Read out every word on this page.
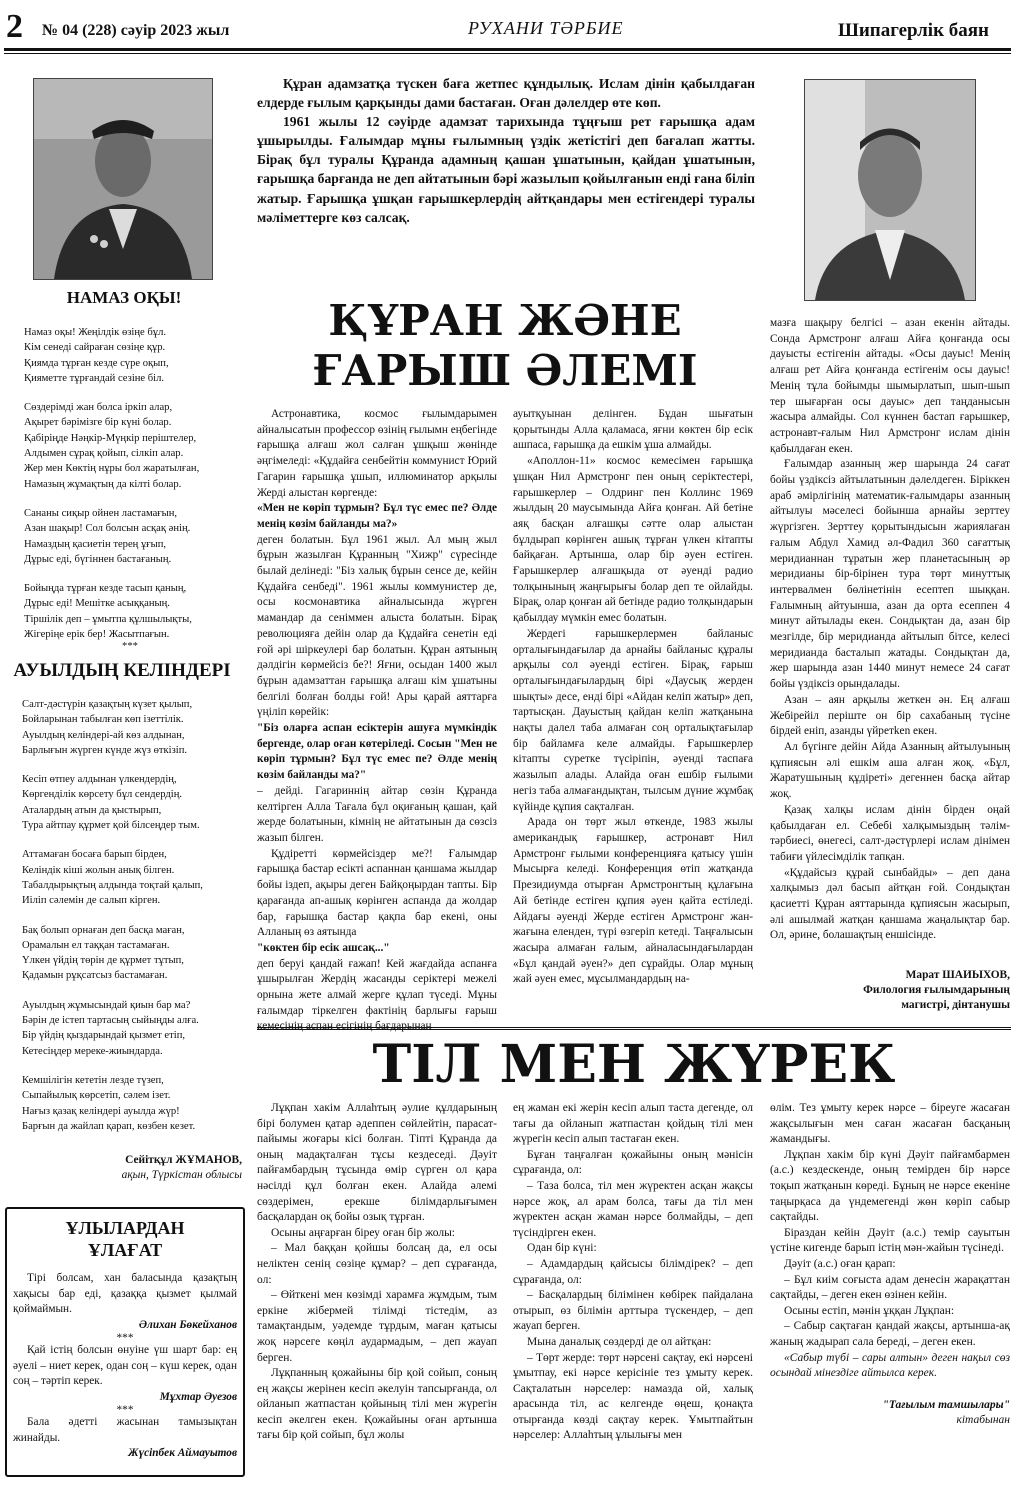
2 № 04 (228) сәуір 2023 жыл	РУХАНИ ТӘРБИЕ	Шипагерлік баян
НАМАЗ ОҚЫ!
Намаз оқы! Жеңілдік өзіңе бұл.
Кім сенеді сайраған сөзіңе құр.
Қиямда тұрған кезде сүре оқып,
Қияметте тұрғандай сезіне біл.
Сөздерімді жан болса іркіп алар,
Ақырет бәрімізге бір күні болар.
Қабіріңде Нәңкір-Мүңкір періштелер,
Алдымен сұрақ қойып, сілкіп алар.
Жер мен Көктің нұры бол жаратылған,
Намазың жұмақтың да кілті болар.
Сананы сиқыр ойнен ластамағын,
Азан шақыр! Сол болсын асқақ әнің.
Намаздың қасиетін терең ұғып,
Дұрыс еді, бүгіннен бастағаның.
Бойыңда тұрған кезде тасып қаның,
Дұрыс еді! Мешітке асыққаның.
Тіршілік деп – ұмытпа құлшылықты,
Жігеріңе ерік бер! Жасытпағын.
***
АУЫЛДЫҢ КЕЛІНДЕРІ
Салт-дәстүрін қазақтың күзет қылып,
Бойларынан табылған көп ізеттілік.
Ауылдың келіндері-ай көз алдынан,
Барлығын жүрген күнде жүз өткізіп.
Кесіп өтпеу алдынан үлкендердің,
Көргенділік көрсету бұл сендердің.
Аталардың атын да қыстырып,
Тура айтпау құрмет қой білсеңдер тым.
Аттамаған босаға барып бірден,
Келіндік кіші жолын анық білген.
Табалдырықтың алдында тоқтай қалып,
Иіліп сәлемін де салып кірген.
Бақ болып орнаған деп басқа маған,
Орамалын ел таққан тастамаған.
Үлкен үйдің төрін де құрмет тұтып,
Қадамын рұқсатсыз бастамаған.
Ауылдың жұмысындай қиын бар ма?
Бәрін де істеп тартасың сыйыңды алға.
Бір үйдің қыздарындай қызмет етіп,
Кетесіңдер мереке-жиындарда.
Кемшілігін кететін лезде түзеп,
Сыпайылық көрсетіп, сәлем ізет.
Нағыз қазақ келіндері ауылда жүр!
Барғын да жайлап қарап, көзбен кезет.
Сейітқұл ЖҰМАНОВ,
ақын, Түркістан облысы
ҰЛЫЛАРДАН
ҰЛАҒАТ

Тірі болсам, хан баласында қазақтың хақысы бар еді, қазаққа қызмет қылмай қоймаймын.

Әлихан Бөкейханов
***

Қай істің болсын өнуіне үш шарт бар: ең әуелі – ниет керек, одан соң – күш керек, одан соң – тәртіп керек.

Мұхтар Әуезов
***

Бала әдетті жасынан тамызықтан жинайды.

Жүсіпбек Аймауытов

Құран адамзатқа түскен баға жетпес құндылық. Ислам дінін қабылдаған елдерде ғылым қарқынды дами бастаған. Оған дәлелдер өте көп.

1961 жылы 12 сәуірде адамзат тарихында тұңғыш рет ғарышқа адам ұшырылды. Ғалымдар мұны ғылымның үздік жетістігі деп бағалап жатты. Бірақ бұл туралы Құранда адамның қашан ұшатынын, қайдан ұшатынын, ғарышқа барғанда не деп айтатынын бәрі жазылып қойылғанын енді ғана біліп жатыр. Ғарышқа ұшқан ғарышкерлердің айтқандары мен естігендері туралы мәліметтерге көз салсақ.

ҚҰРАН ЖӘНЕ
ҒАРЫШ ӘЛЕМІ

Астронавтика, космос ғылымдарымен айналысатын профессор өзінің ғылымн еңбегінде ғарышқа алғаш жол салған ұшқыш жөнінде әңгімеледі: «Құдайға сенбейтін коммунист Юрий Гагарин ғарышқа ұшып, иллюминатор арқылы Жерді алыстан көргенде:

«Мен не көріп тұрмын? Бұл түс емес пе? Әлде менің көзім байланды ма?»

деген болатын. Бұл 1961 жыл. Ал мың жыл бұрын жазылған Құранның "Хижр" сүресінде былай делінеді: "Біз халық бұрын сенсе де, кейін Құдайға сенбеді". 1961 жылы коммунистер де, осы космонавтика айналысында жүрген мамандар да сеніммен алыста болатын. Бірақ революцияға дейін олар да Құдайға сенетін еді ғой әрі шіркеулері бар болатын. Құран аятының дәлдігін көрмейсіз бе?! Яғни, осыдан 1400 жыл бұрын адамзаттан ғарышқа алғаш кім ұшатыны белгілі болған болды ғой! Ары қарай аяттарға үңіліп көрейік:

"Біз оларға аспан есіктерін ашуға мүмкіндік бергенде, олар оған көтеріледі. Сосын "Мен не көріп тұрмын? Бұл түс емес пе? Әлде менің көзім байланды ма?"

– дейді. Гагариннің айтар сөзін Құранда келтірген Алла Тағала бұл оқиғаның қашан, қай жерде болатынын, кімнің не айтатынын да сөзсіз жазып білген.

Құдіретті көрмейсіздер ме?! Ғалымдар ғарышқа бастар есікті аспаннан қаншама жылдар бойы іздеп, ақыры деген Байқоңырдан тапты. Бір қарағанда ап-ашық көрінген аспанда да жолдар бар, ғарышқа бастар қақпа бар екені, оны Алланың өз аятында

"көктен бір есік ашсақ..."

деп беруі қандай ғажап! Кей жағдайда аспанға ұшырылған Жердің жасанды серіктері межелі орнына жете алмай жерге құлап түседі. Мұны ғалымдар тіркелген фактінің барлығы ғарыш кемесінің аспан есігінің бағдарынан

ауытқуынан делінген. Бұдан шығатын қорытынды Алла қаламаса, яғни көктен бір есік ашпаса, ғарышқа да ешкім ұша алмайды.

«Аполлон-11» космос кемесімен ғарышқа ұшқан Нил Армстронг пен оның серіктестері, ғарышкерлер – Олдринг пен Коллинс 1969 жылдың 20 маусымында Айға қонған. Ай бетіне аяқ басқан алғашқы сәтте олар алыстан бұлдырап көрінген ашық тұрған үлкен кітапты байқаған. Артынша, олар бір әуен естіген. Ғарышкерлер алғашқыда от әуенді радио толқынының жаңғырығы болар деп те ойлайды. Бірақ, олар қонған ай бетінде радио толқындарын қабылдау мүмкін емес болатын.

Жердегі ғарышкерлермен байланыс орталығындағылар да арнайы байланыс құралы арқылы сол әуенді естіген. Бірақ, ғарыш орталығындағылардың бірі «Даусық жерден шықты» десе, енді бірі «Айдан келіп жатыр» деп, тартысқан. Дауыстың қайдан келіп жатқанына нақты далел таба алмаған соң орталықтағылар бір байламға келе алмайды. Ғарышкерлер кітапты суретке түсіріпін, әуенді таспаға жазылып алады. Алайда оған ешбір ғылыми негіз таба алмағандықтан, тылсым дүние жұмбақ күйінде құпия сақталған.

Арада он төрт жыл өткенде, 1983 жылы американдық ғарышкер, астронавт Нил Армстронг ғылыми конференцияға қатысу үшін Мысырға келеді. Конференция өтіп жатқанда Президиумда отырған Армстронгтың құлағына Ай бетінде естіген құпия әуен қайта естіледі. Айдағы әуенді Жерде естіген Армстронг жан-жағына еленден, түрі өзгеріп кетеді. Таңғалысын жасыра алмаған ғалым, айналасындағылардан «Бұл қандай әуен?» деп сұрайды. Олар мұның жай әуен емес, мұсылмандардың на-

мазға шақыру белгісі – азан екенін айтады. Сонда Армстронг алғаш Айға қонғанда осы дауысты естігенін айтады. «Осы дауыс! Менің алғаш рет Айға қонғанда естігенім осы дауыс! Менің тұла бойымды шымырлатып, шып-шып тер шығарған осы дауыс» деп таңданысын жасыра алмайды. Сол күннен бастап ғарышкер, астронавт-ғалым Нил Армстронг ислам дінін қабылдаған екен.

Ғалымдар азанның жер шарында 24 сағат бойы үздіксіз айтылатынын дәлелдеген. Біріккен араб әмірлігінің математик-ғалымдары азанның айтылуы мәселесі бойынша арнайы зерттеу жүргізген. Зерттеу қорытындысын жариялаған ғалым Абдул Хамид әл-Фадил 360 сағаттық меридианнан тұратын жер планетасының әр меридианы бір-бірінен тура төрт минуттық интервалмен бөлінетінін есептеп шыққан. Ғалымның айтуынша, азан да орта есеппен 4 минут айтылады екен. Сондықтан да, азан бір мезгілде, бір меридианда айтылып бітсе, келесі меридианда басталып жатады. Сондықтан да, жер шарында азан 1440 минут немесе 24 сағат бойы үздіксіз орындалады.

Азан – аян арқылы жеткен ән. Ең алғаш Жебірейіл періште он бір сахабаның түсіне бірдей еніп, азанды үйретken екен.

Ал бүгінге дейін Айда Азанның айтылуының құпиясын әлі ешкім аша алған жоқ. «Бұл, Жаратушының құдіреті» дегеннен басқа айтар жоқ.

Қазақ халқы ислам дінін бірден оңай қабылдаған ел. Себебі халқымыздың тәлім-тәрбиесі, өнегесі, салт-дәстүрлері ислам дінімен табиғи үйлесімділік тапқан.

«Құдайсыз құрай сынбайды» – деп дана халқымыз дәл басып айтқан ғой. Сондықтан қасиетті Құран аяттарында құпиясын жасырып, әлі ашылмай жатқан қаншама жаңалықтар бар. Ол, әрине, болашақтың еншісінде.

Марат ШАИЫХОВ,
Филология ғылымдарының
магистрі, дінтанушы
ТІЛ МЕН ЖҮРЕК

Лұқпан хакім Аллаһтың әулие құлдарының бірі болумен қатар әдеппен сөйлейтін, парасат-пайымы жоғары кісі болған. Тіпті Құранда да оның мадақталған тұсы кездеседі. Дәуіт пайғамбардың тұсында өмір сүрген ол қара нәсілді құл болған екен. Алайда әлемі сөздерімен, ерекше білімдарлығымен басқалардан оқ бойы озық тұрған.

Осыны аңғарған біреу оған бір жолы:

– Мал баққан қойшы болсаң да, ел осы неліктен сенің сөзіңе құмар? – деп сұрағанда, ол:

– Өйткені мен көзімді харамға жұмдым, тым еркіне жібермей тілімді тістедім, аз тамақтандым, уәдемде тұрдым, маған қатысы жоқ нәрсеге көңіл аудармадым, – деп жауап берген.

Лұқпанның қожайыны бір қой сойып, соның ең жақсы жерінен кесіп әкелуін тапсырғанда, ол ойланып жатпастан қойының тілі мен жүрегін кесіп әкелген екен. Қожайыны оған артынша тағы бір қой сойып, бұл жолы

ең жаман екі жерін кесіп алып таста дегенде, ол тағы да ойланып жатпастан қойдың тілі мен жүрегін кесіп алып тастаған екен.

Бұған таңғалған қожайыны оның мәнісін сұрағанда, ол:

– Таза болса, тіл мен жүректен асқан жақсы нәрсе жоқ, ал арам болса, тағы да тіл мен жүректен асқан жаман нәрсе болмайды, – деп түсіндірген екен.

Одан бір күні:

– Адамдардың қайсысы білімдірек? – деп сұрағанда, ол:

– Басқалардың білімінен көбірек пайдалана отырып, өз білімін арттыра түскендер, – деп жауап берген.

Мына даналық сөздерді де ол айтқан:

– Төрт жерде: төрт нәрсені сақтау, екі нәрсені ұмытпау, екі нәрсе керісініе тез ұмыту керек. Сақталатын нәрселер: намазда ой, халық арасында тіл, ас келгенде өңеш, қонақта отырғанда көзді сақтау керек. Ұмытпайтын нәрселер: Аллаһтың ұлылығы мен

өлім. Тез ұмыту керек нәрсе – біреуге жасаған жақсылығын мен саған жасаған басқаның жамандығы.

Лұқпан хакім бір күні Дәуіт пайғамбармен (а.с.) кездескенде, оның темірден бір нәрсе тоқып жатқанын көреді. Бұның не нәрсе екеніне таңырқаса да үндемегенді жөн көріп сабыр сақтайды.

Біраздан кейін Дәуіт (а.с.) темір сауытын үстіне кигенде барып істің мән-жайын түсінеді.

Дәуіт (а.с.) оған қарап:

– Бұл киім соғыста адам денесін жарақаттан сақтайды, – деген екен өзінен кейін.

Осыны естіп, мәнін ұққан Лұқпан:

– Сабыр сақтаған қандай жақсы, артынша-ақ жаның жадырап сала береді, – деген екен.

«Сабыр түбі – сары алтын» деген нақыл сөз осындай мінездіге айтылса керек.

"Тағылым тамшылары"
кітабынан
